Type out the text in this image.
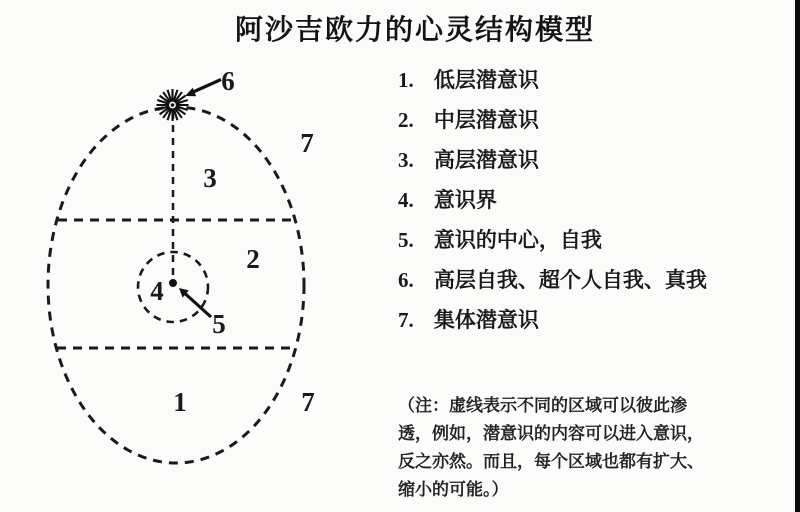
阿沙吉欧力的心灵结构模型
1
2
3
4
5
6
7
7
1. 低层潜意识
2. 中层潜意识
3. 高层潜意识
4. 意识界
5. 意识的中心，自我
6. 高层自我、超个人自我、真我
7. 集体潜意识
（注：虚线表示不同的区域可以彼此渗
透，例如，潜意识的内容可以进入意识，
反之亦然。而且，每个区域也都有扩大、
缩小的可能。）
